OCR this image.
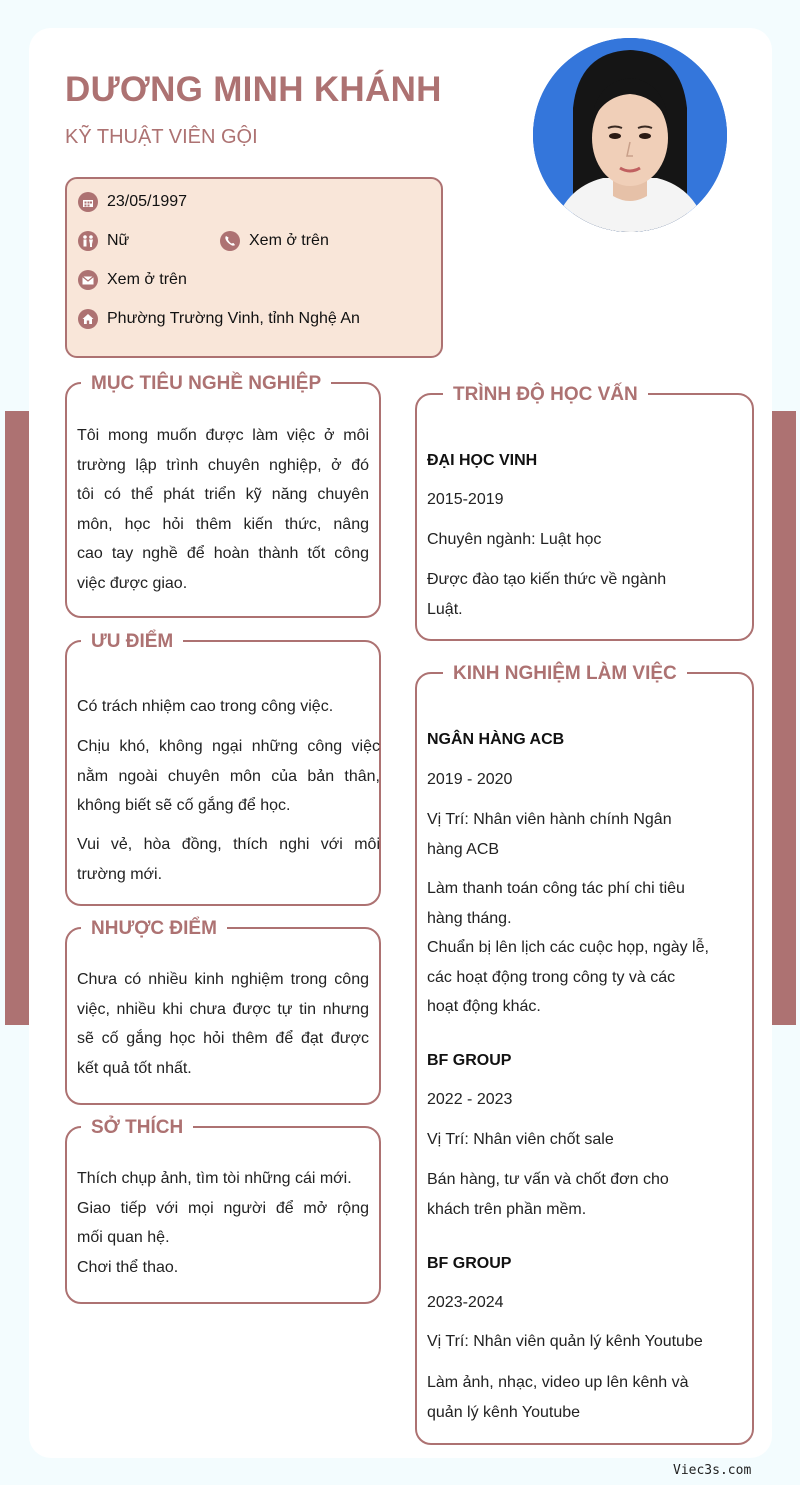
DƯƠNG MINH KHÁNH
KỸ THUẬT VIÊN GỘI
23/05/1997
Nữ	Xem ở trên
Xem ở trên
Phường Trường Vinh, tỉnh Nghệ An
MỤC TIÊU NGHỀ NGHIỆP
Tôi mong muốn được làm việc ở môi
trường lập trình chuyên nghiệp, ở đó
tôi có thể phát triển kỹ năng chuyên
môn, học hỏi thêm kiến thức, nâng
cao tay nghề để hoàn thành tốt công
việc được giao.
ƯU ĐIỂM
Có trách nhiệm cao trong công việc.
Chịu khó, không ngại những công việc
nằm ngoài chuyên môn của bản thân,
không biết sẽ cố gắng để học.
Vui vẻ, hòa đồng, thích nghi với môi
trường mới.
NHƯỢC ĐIỂM
Chưa có nhiều kinh nghiệm trong công
việc, nhiều khi chưa được tự tin nhưng
sẽ cố gắng học hỏi thêm để đạt được
kết quả tốt nhất.
SỞ THÍCH
Thích chụp ảnh, tìm tòi những cái mới.
Giao tiếp với mọi người để mở rộng
mối quan hệ.
Chơi thể thao.
TRÌNH ĐỘ HỌC VẤN
ĐẠI HỌC VINH
2015-2019
Chuyên ngành: Luật học
Được đào tạo kiến thức về ngành
Luật.
KINH NGHIỆM LÀM VIỆC
NGÂN HÀNG ACB
2019 - 2020
Vị Trí: Nhân viên hành chính Ngân
hàng ACB
Làm thanh toán công tác phí chi tiêu
hàng tháng.
Chuẩn bị lên lịch các cuộc họp, ngày lễ,
các hoạt động trong công ty và các
hoạt động khác.
BF GROUP
2022 - 2023
Vị Trí: Nhân viên chốt sale
Bán hàng, tư vấn và chốt đơn cho
khách trên phần mềm.
BF GROUP
2023-2024
Vị Trí: Nhân viên quản lý kênh Youtube
Làm ảnh, nhạc, video up lên kênh và
quản lý kênh Youtube
Viec3s.com
